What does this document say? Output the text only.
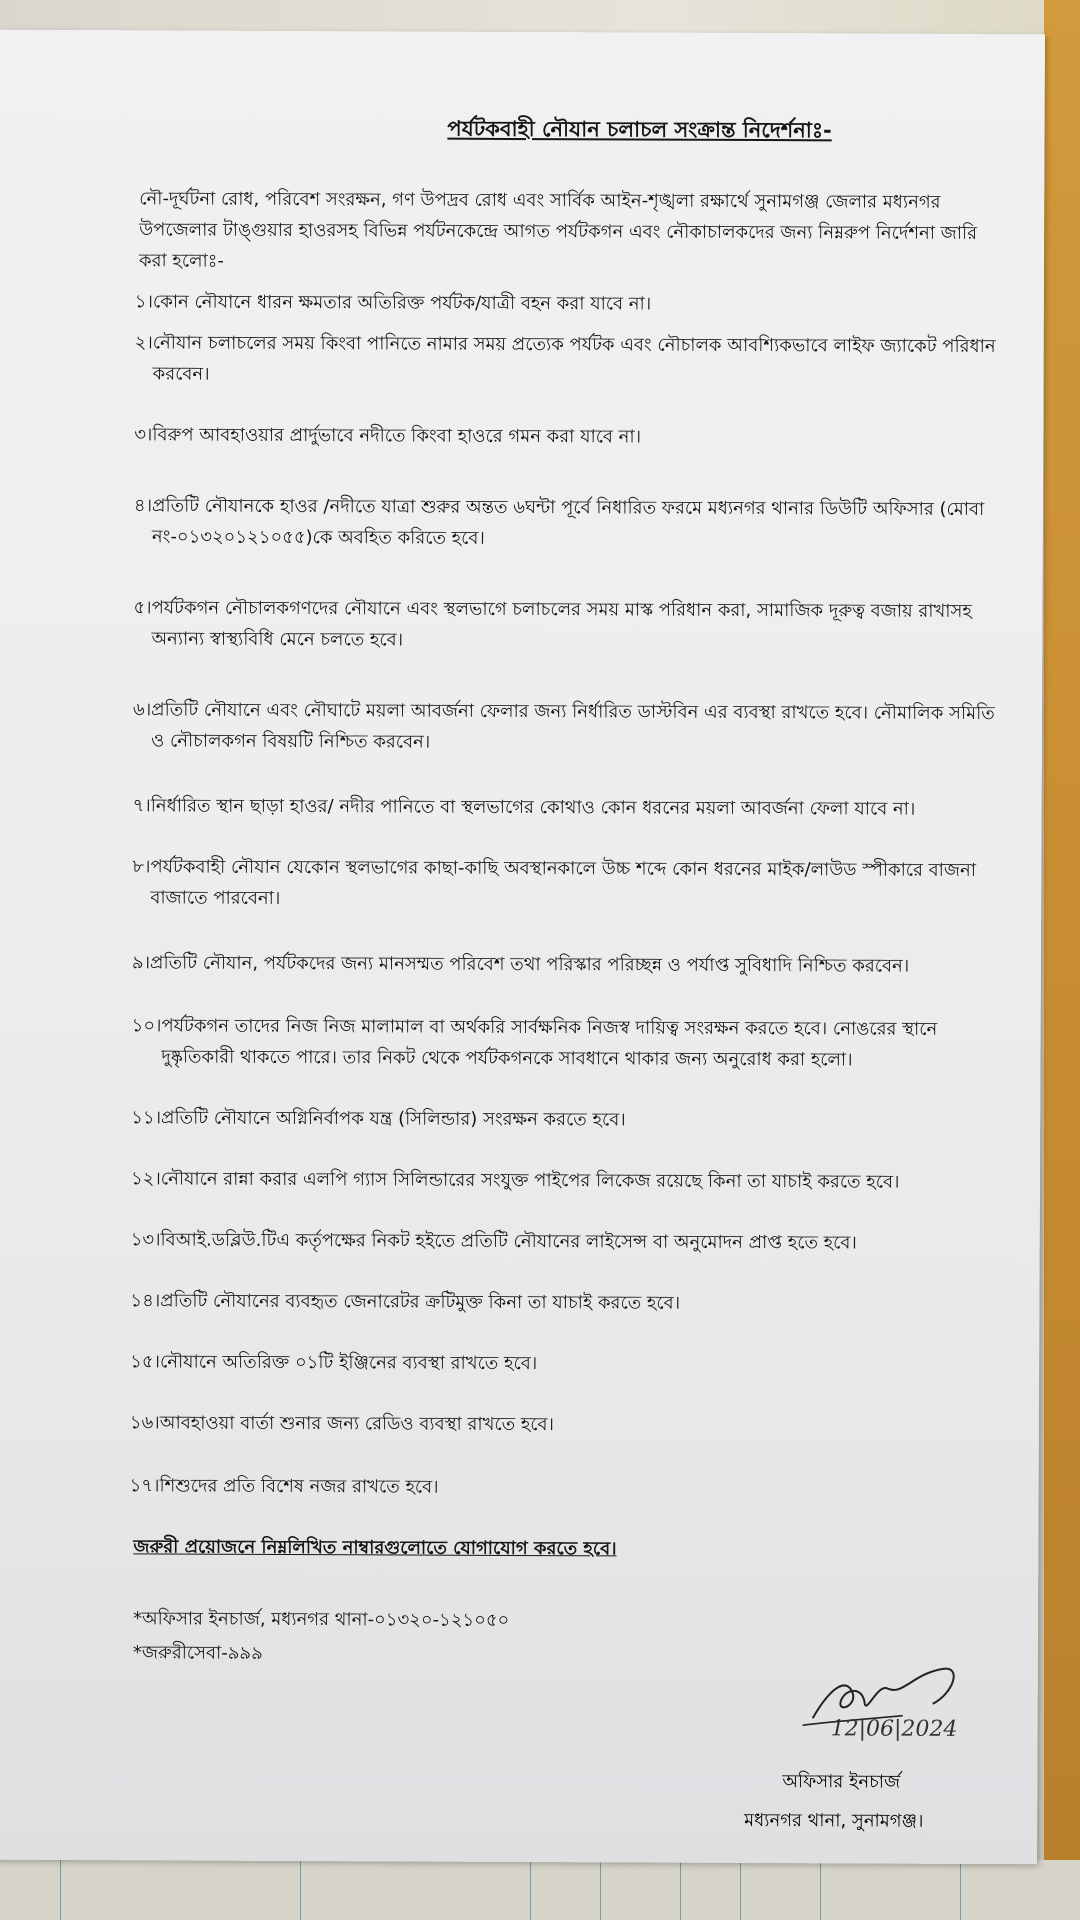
পর্যটকবাহী নৌযান চলাচল সংক্রান্ত নিদের্শনাঃ-
নৌ-দূর্ঘটনা রোধ, পরিবেশ সংরক্ষন, গণ উপদ্রব রোধ এবং সার্বিক আইন-শৃঙ্খলা রক্ষার্থে সুনামগঞ্জ জেলার মধ্যনগর উপজেলার টাঙ্গুয়ার হাওরসহ বিভিন্ন পর্যটনকেন্দ্রে আগত পর্যটকগন এবং নৌকাচালকদের জন্য নিম্নরুপ নির্দেশনা জারি করা হলোঃ-
১। কোন নৌযানে ধারন ক্ষমতার অতিরিক্ত পর্যটক/যাত্রী বহন করা যাবে না।
২। নৌযান চলাচলের সময় কিংবা পানিতে নামার সময় প্রত্যেক পর্যটক এবং নৌচালক আবশ্যিকভাবে লাইফ জ্যাকেট পরিধান করবেন।
৩। বিরুপ আবহাওয়ার প্রার্দুভাবে নদীতে কিংবা হাওরে গমন করা যাবে না।
৪। প্রতিটি নৌযানকে হাওর /নদীতে যাত্রা শুরুর অন্তত ৬ঘন্টা পূর্বে নিধারিত ফরমে মধ্যনগর থানার ডিউটি অফিসার (মোবা নং-০১৩২০১২১০৫৫)কে অবহিত করিতে হবে।
৫। পর্যটকগন নৌচালকগণদের নৌযানে এবং স্থলভাগে চলাচলের সময় মাস্ক পরিধান করা, সামাজিক দূরুত্ব বজায় রাখাসহ অন্যান্য স্বাস্থ্যবিধি মেনে চলতে হবে।
৬। প্রতিটি নৌযানে এবং নৌঘাটে ময়লা আবর্জনা ফেলার জন্য নির্ধারিত ডাস্টবিন এর ব্যবস্থা রাখতে হবে। নৌমালিক সমিতি ও নৌচালকগন বিষয়টি নিশ্চিত করবেন।
৭। নির্ধারিত স্থান ছাড়া হাওর/ নদীর পানিতে বা স্থলভাগের কোথাও কোন ধরনের ময়লা আবর্জনা ফেলা যাবে না।
৮। পর্যটকবাহী নৌযান যেকোন স্থলভাগের কাছা-কাছি অবস্থানকালে উচ্চ শব্দে কোন ধরনের মাইক/লাউড স্পীকারে বাজনা বাজাতে পারবেনা।
৯। প্রতিটি নৌযান, পর্যটকদের জন্য মানসম্মত পরিবেশ তথা পরিস্কার পরিচ্ছন্ন ও পর্যাপ্ত সুবিধাদি নিশ্চিত করবেন।
১০। পর্যটকগন তাদের নিজ নিজ মালামাল বা অর্থকরি সার্বক্ষনিক নিজস্ব দায়িত্ব সংরক্ষন করতে হবে। নোঙরের স্থানে দুষ্কৃতিকারী থাকতে পারে। তার নিকট থেকে পর্যটকগনকে সাবধানে থাকার জন্য অনুরোধ করা হলো।
১১। প্রতিটি নৌযানে অগ্নিনির্বাপক যন্ত্র (সিলিন্ডার) সংরক্ষন করতে হবে।
১২। নৌযানে রান্না করার এলপি গ্যাস সিলিন্ডারের সংযুক্ত পাইপের লিকেজ রয়েছে কিনা তা যাচাই করতে হবে।
১৩। বিআই.ডব্লিউ.টিএ কর্তৃপক্ষের নিকট হইতে প্রতিটি নৌযানের লাইসেন্স বা অনুমোদন প্রাপ্ত হতে হবে।
১৪। প্রতিটি নৌযানের ব্যবহৃত জেনারেটর ক্রটিমুক্ত কিনা তা যাচাই করতে হবে।
১৫। নৌযানে অতিরিক্ত ০১টি ইঞ্জিনের ব্যবস্থা রাখতে হবে।
১৬। আবহাওয়া বার্তা শুনার জন্য রেডিও ব্যবস্থা রাখতে হবে।
১৭। শিশুদের প্রতি বিশেষ নজর রাখতে হবে।
জরুরী প্রয়োজনে নিম্নলিখিত নাম্বারগুলোতে যোগাযোগ করতে হবে।
*অফিসার ইনচার্জ, মধ্যনগর থানা-০১৩২০-১২১০৫০
*জরুরীসেবা-৯৯৯
12|06|2024
অফিসার ইনচার্জ
মধ্যনগর থানা, সুনামগঞ্জ।
